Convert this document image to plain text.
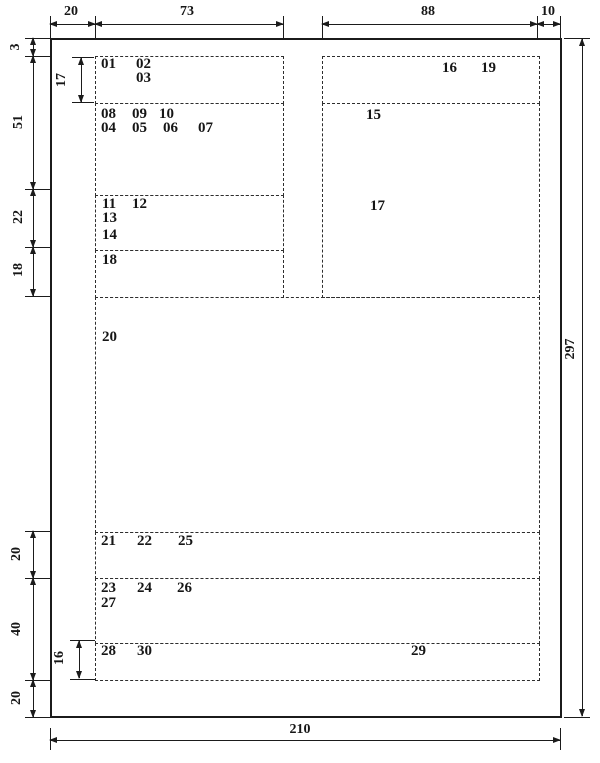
20	73	88	10
3
51
22
18
20
40
20
17
16
297
210
01 02
03
16 19
08 09 10
04 05 06 07
15
11 12
13
14
17
18
20
21 22 25
23 24 26
27
28 30	29
